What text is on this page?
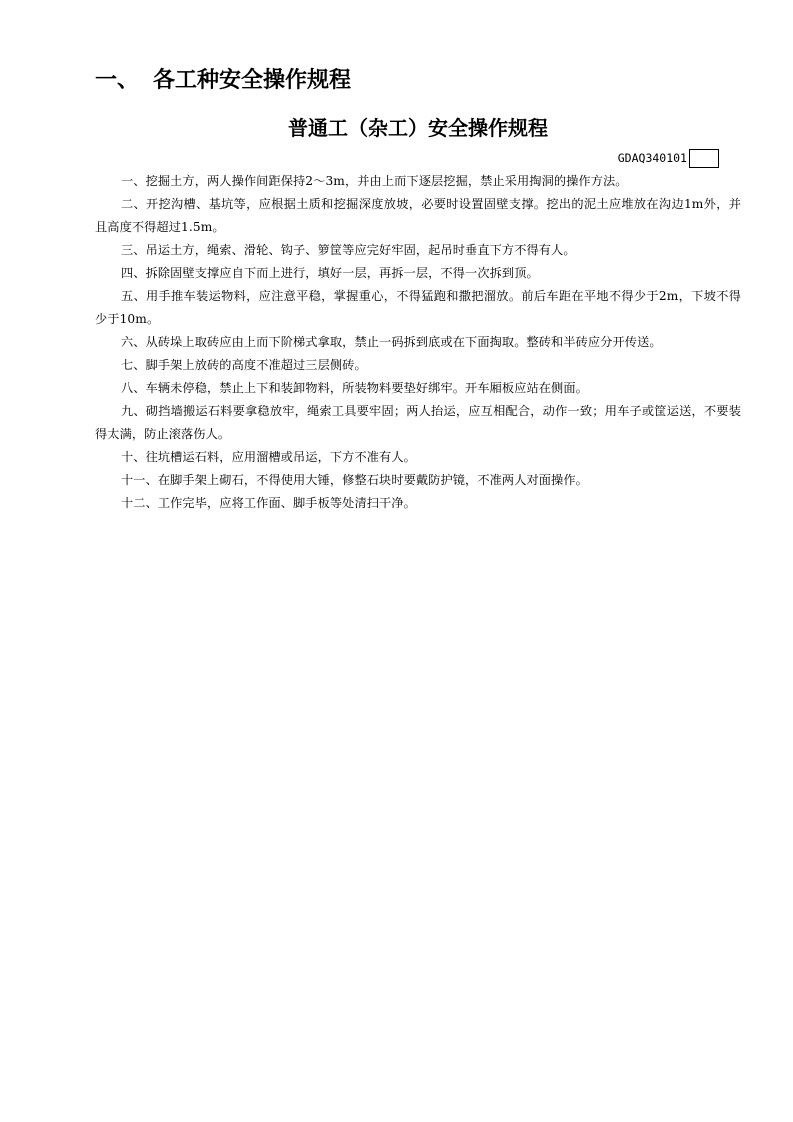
一、 各工种安全操作规程
普通工（杂工）安全操作规程
GDAQ340101

一、挖掘土方，两人操作间距保持2～3m，并由上而下逐层挖掘，禁止采用掏洞的操作方法。

二、开挖沟槽、基坑等，应根据土质和挖掘深度放坡，必要时设置固壁支撑。挖出的泥土应堆放在沟边1m外，并且高度不得超过1.5m。

三、吊运土方，绳索、滑轮、钩子、箩筐等应完好牢固，起吊时垂直下方不得有人。

四、拆除固壁支撑应自下而上进行，填好一层，再拆一层，不得一次拆到顶。

五、用手推车装运物料，应注意平稳，掌握重心，不得猛跑和撒把溜放。前后车距在平地不得少于2m，下坡不得少于10m。

六、从砖垛上取砖应由上而下阶梯式拿取，禁止一码拆到底或在下面掏取。整砖和半砖应分开传送。

七、脚手架上放砖的高度不准超过三层侧砖。

八、车辆未停稳，禁止上下和装卸物料，所装物料要垫好绑牢。开车厢板应站在侧面。

九、砌挡墙搬运石料要拿稳放牢，绳索工具要牢固；两人抬运，应互相配合，动作一致；用车子或筐运送，不要装得太满，防止滚落伤人。

十、往坑槽运石料，应用溜槽或吊运，下方不准有人。

十一、在脚手架上砌石，不得使用大锤，修整石块时要戴防护镜，不准两人对面操作。

十二、工作完毕，应将工作面、脚手板等处清扫干净。
